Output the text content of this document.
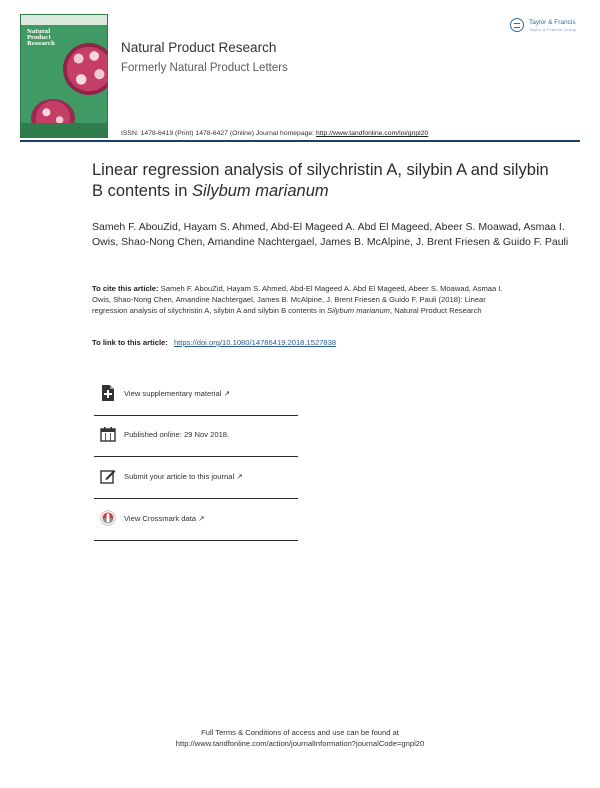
Natural Product Research	Natural Product Research
Formerly Natural Product Letters
Taylor & Francis
Taylor & Francis Group
ISSN: 1478-6419 (Print) 1478-6427 (Online) Journal homepage: http://www.tandfonline.com/loi/gnpl20
Linear regression analysis of silychristin A, silybin A and silybin B contents in Silybum marianum
Sameh F. AbouZid, Hayam S. Ahmed, Abd-El Mageed A. Abd El Mageed, Abeer S. Moawad, Asmaa I. Owis, Shao-Nong Chen, Amandine Nachtergael, James B. McAlpine, J. Brent Friesen & Guido F. Pauli
To cite this article: Sameh F. AbouZid, Hayam S. Ahmed, Abd-El Mageed A. Abd El Mageed, Abeer S. Moawad, Asmaa I. Owis, Shao-Nong Chen, Amandine Nachtergael, James B. McAlpine, J. Brent Friesen & Guido F. Pauli (2018): Linear regression analysis of silychristin A, silybin A and silybin B contents in Silybum marianum, Natural Product Research
To link to this article: https://doi.org/10.1080/14786419.2018.1527838
View supplementary material ↗
Published online: 29 Nov 2018.
Submit your article to this journal ↗
View Crossmark data ↗
Full Terms & Conditions of access and use can be found at
http://www.tandfonline.com/action/journalInformation?journalCode=gnpl20
